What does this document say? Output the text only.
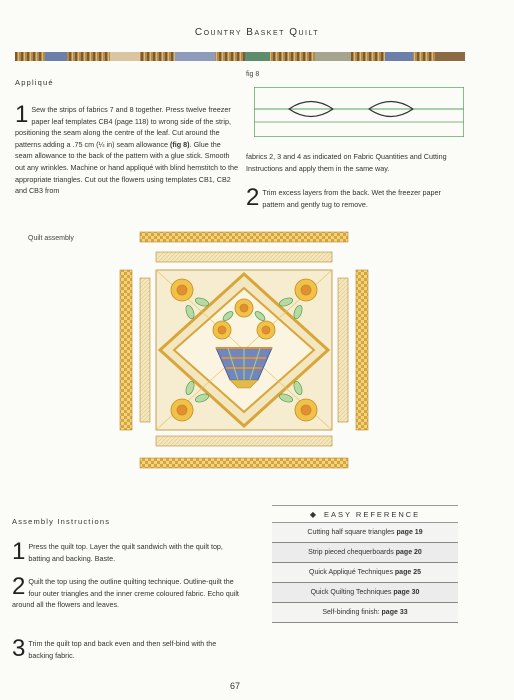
Country Basket Quilt
Appliqué
1 Sew the strips of fabrics 7 and 8 together. Press twelve freezer paper leaf templates CB4 (page 118) to wrong side of the strip, positioning the seam along the centre of the leaf. Cut around the patterns adding a .75 cm (¼ in) seam allowance (fig 8). Glue the seam allowance to the back of the pattern with a glue stick. Smooth out any wrinkles. Machine or hand appliqué with blind hemstitch to the appropriate triangles. Cut out the flowers using templates CB1, CB2 and CB3 from
fig 8
fabrics 2, 3 and 4 as indicated on Fabric Quantities and Cutting Instructions and apply them in the same way.
2 Trim excess layers from the back. Wet the freezer paper pattern and gently tug to remove.
Quilt assembly
Assembly Instructions
1 Press the quilt top. Layer the quilt sandwich with the quilt top, batting and backing. Baste.
2 Quilt the top using the outline quilting technique. Outline-quilt the four outer triangles and the inner creme coloured fabric. Echo quilt around all the flowers and leaves.
3 Trim the quilt top and back even and then self-bind with the backing fabric.
◆ EASY REFERENCE
Cutting half square triangles page 19
Strip pieced chequerboards page 20
Quick Appliqué Techniques page 25
Quick Quilting Techniques page 30
Self-binding finish: page 33
67
